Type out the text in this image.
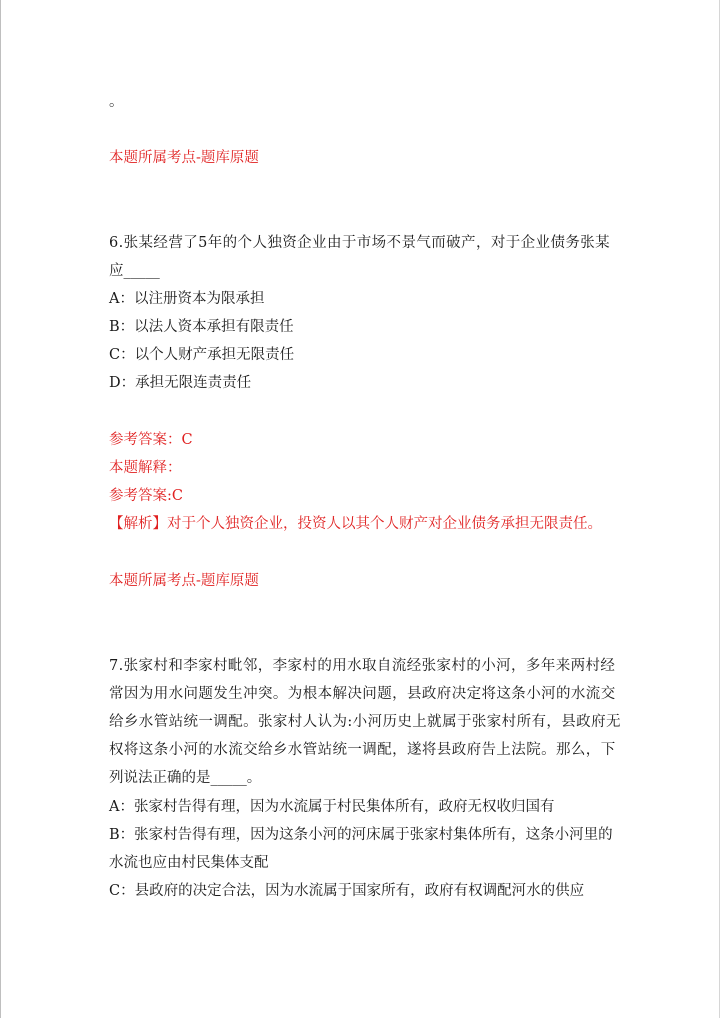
。
本题所属考点-题库原题
6.张某经营了5年的个人独资企业由于市场不景气而破产，对于企业债务张某
应_____
A：以注册资本为限承担
B：以法人资本承担有限责任
C：以个人财产承担无限责任
D：承担无限连责责任
参考答案：C
本题解释：
参考答案:C
【解析】对于个人独资企业，投资人以其个人财产对企业债务承担无限责任。
本题所属考点-题库原题
7.张家村和李家村毗邻，李家村的用水取自流经张家村的小河，多年来两村经
常因为用水问题发生冲突。为根本解决问题，县政府决定将这条小河的水流交
给乡水管站统一调配。张家村人认为:小河历史上就属于张家村所有，县政府无
权将这条小河的水流交给乡水管站统一调配，遂将县政府告上法院。那么，下
列说法正确的是_____。
A：张家村告得有理，因为水流属于村民集体所有，政府无权收归国有
B：张家村告得有理，因为这条小河的河床属于张家村集体所有，这条小河里的
水流也应由村民集体支配
C：县政府的决定合法，因为水流属于国家所有，政府有权调配河水的供应
